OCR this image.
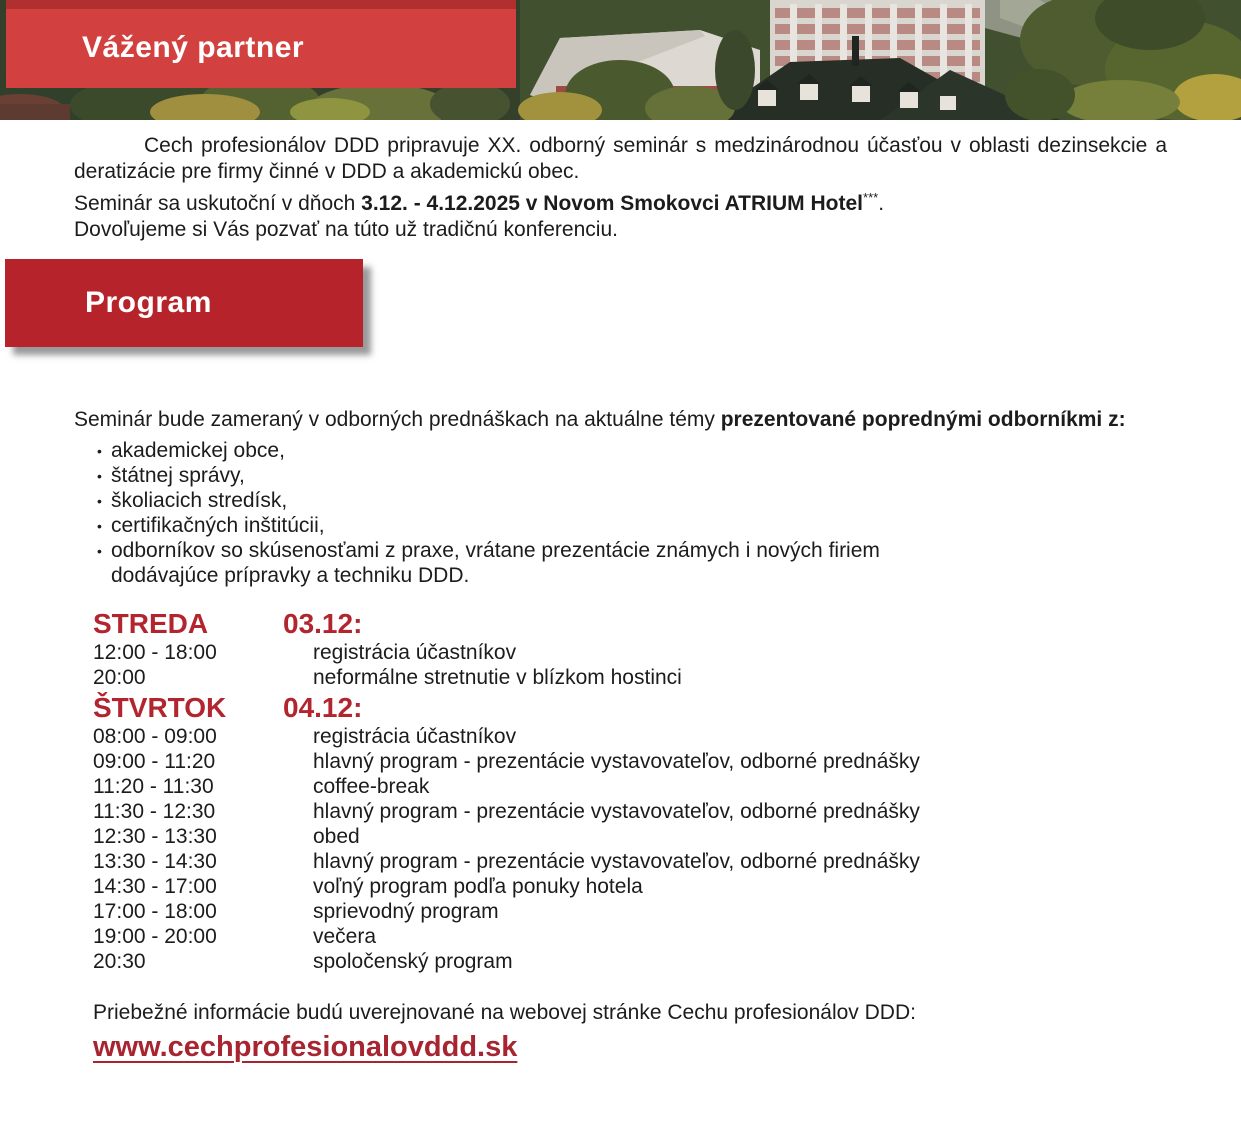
Vážený partner

Cech profesionálov DDD pripravuje XX. odborný seminár s medzinárodnou účasťou v oblasti dezinsekcie a deratizácie pre firmy činné v DDD a akademickú obec.

Seminár sa uskutoční v dňoch 3.12. - 4.12.2025 v Novom Smokovci ATRIUM Hotel***.

Dovoľujeme si Vás pozvať na túto už tradičnú konferenciu.

Program

Seminár bude zameraný v odborných prednáškach na aktuálne témy prezentované poprednými odborníkmi z:

• akademickej obce,
• štátnej správy,
• školiacich stredísk,
• certifikačných inštitúcii,
• odborníkov so skúsenosťami z praxe, vrátane prezentácie známych i nových firiem dodávajúce prípravky a techniku DDD.
STREDA	03.12:
12:00 - 18:00	registrácia účastníkov
20:00	neformálne stretnutie v blízkom hostinci
ŠTVRTOK 04.12:
08:00 - 09:00	registrácia účastníkov
09:00 - 11:20	hlavný program - prezentácie vystavovateľov, odborné prednášky
11:20 - 11:30	coffee-break
11:30 - 12:30	hlavný program - prezentácie vystavovateľov, odborné prednášky
12:30 - 13:30	obed
13:30 - 14:30	hlavný program - prezentácie vystavovateľov, odborné prednášky
14:30 - 17:00	voľný program podľa ponuky hotela
17:00 - 18:00	sprievodný program
19:00 - 20:00	večera
20:30	spoločenský program

Priebežné informácie budú uverejnované na webovej stránke Cechu profesionálov DDD:

www.cechprofesionalovddd.sk
